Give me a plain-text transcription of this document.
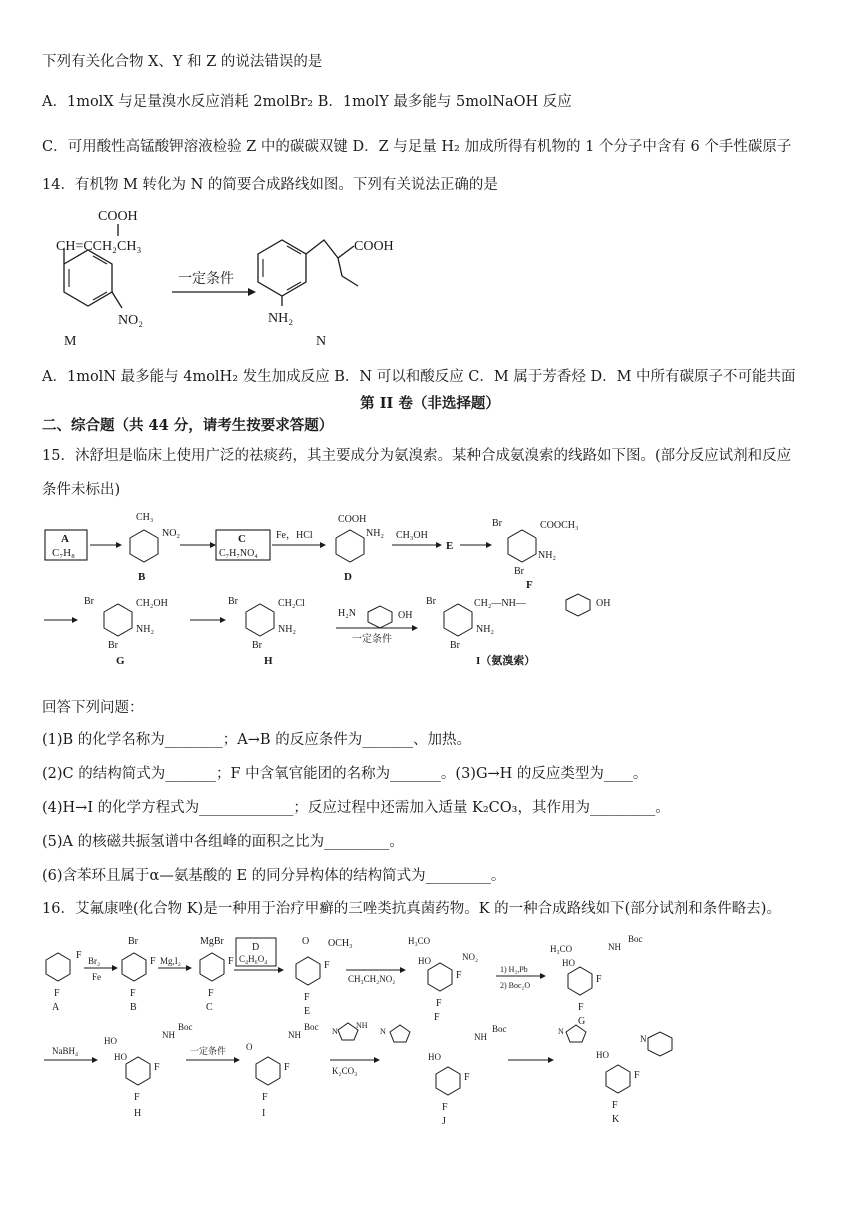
下列有关化合物 X、Y 和 Z 的说法错误的是
A．1molX 与足量溴水反应消耗 2molBr₂ B．1molY 最多能与 5molNaOH 反应
C．可用酸性高锰酸钾溶液检验 Z 中的碳碳双键 D．Z 与足量 H₂ 加成所得有机物的 1 个分子中含有 6 个手性碳原子
14．有机物 M 转化为 N 的简要合成路线如图。下列有关说法正确的是
COOH
CH=CCH₂CH₃
NO₂
M
一定条件
COOH
NH₂
N
A．1molN 最多能与 4molH₂ 发生加成反应 B．N 可以和酸反应 C．M 属于芳香烃 D．M 中所有碳原子不可能共面
第 II 卷（非选择题）
二、综合题（共 44 分，请考生按要求答题）
15．沐舒坦是临床上使用广泛的祛痰药，其主要成分为氨溴索。某种合成氨溴索的线路如下图。(部分反应试剂和反应
条件未标出)
A
C₇H₈
CH₃
NO₂
B
C
C₇H₇NO₄
Fe，HCl
COOH
NH₂
D
CH₃OH
E
Br	COOCH₃
NH₂
Br
F
Br	CH₂OH
NH₂
Br
G
Br	CH₂Cl
NH₂
Br
H
H₂N	OH
一定条件
Br	CH₂—NH—	OH
NH₂
Br
I（氨溴索）
回答下列问题：
(1)B 的化学名称为________；A→B 的反应条件为_______、加热。
(2)C 的结构简式为_______；F 中含氧官能团的名称为_______。(3)G→H 的反应类型为____。
(4)H→I 的化学方程式为_____________；反应过程中还需加入适量 K₂CO₃，其作用为_________。
(5)A 的核磁共振氢谱中各组峰的面积之比为_________。
(6)含苯环且属于α—氨基酸的 E 的同分异构体的结构简式为_________。
16．艾氟康唑(化合物 K)是一种用于治疗甲癣的三唑类抗真菌药物。K 的一种合成路线如下(部分试剂和条件略去)。
F
F
A
Br₂
Fe
Br
F
F
B
Mg,I₂
MgBr
F
F
C
D
C₄H₆O₄
O OCH₃
F
F
E
CH₃CH₂NO₂
H₃CO
NO₂
HO
F
F
F
1) H₂,Pb
2) Boc₂O
H₃CO	NH
Boc
HO
F
F
G
NaBH₄
HO
NH
Boc
HO
F
F
H
一定条件 O
NH
Boc
F
F
I
N
NH
K₂CO₃
N
NH
Boc
HO
F
F
J
N
N
HO
F
F
K
